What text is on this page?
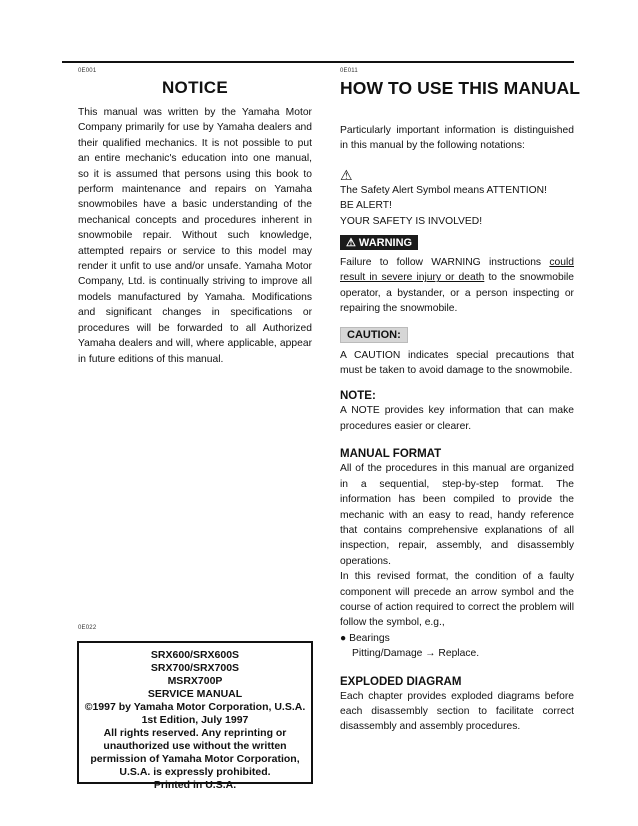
0E001	0E011
0E022
NOTICE

This manual was written by the Yamaha Motor Company primarily for use by Yamaha dealers and their qualified mechanics. It is not possible to put an entire mechanic's education into one manual, so it is assumed that persons using this book to perform maintenance and repairs on Yamaha snowmobiles have a basic understanding of the mechanical concepts and procedures inherent in snowmobile repair. Without such knowledge, attempted repairs or service to this model may render it unfit to use and/or unsafe. Yamaha Motor Company, Ltd. is continually striving to improve all models manufactured by Yamaha. Modifications and significant changes in specifications or procedures will be forwarded to all Authorized Yamaha dealers and will, where applicable, appear in future editions of this manual.

HOW TO USE THIS MANUAL

Particularly important information is distinguished in this manual by the following notations:

⚠

The Safety Alert Symbol means ATTENTION!

BE ALERT!

YOUR SAFETY IS INVOLVED!

⚠ WARNING

Failure to follow WARNING instructions could result in severe injury or death to the snowmobile operator, a bystander, or a person inspecting or repairing the snowmobile.

CAUTION:

A CAUTION indicates special precautions that must be taken to avoid damage to the snowmobile.

NOTE:

A NOTE provides key information that can make procedures easier or clearer.

MANUAL FORMAT

All of the procedures in this manual are organized in a sequential, step-by-step format. The information has been compiled to provide the mechanic with an easy to read, handy reference that contains comprehensive explanations of all inspection, repair, assembly, and disassembly operations.

In this revised format, the condition of a faulty component will precede an arrow symbol and the course of action required to correct the problem will follow the symbol, e.g.,

● Bearings

Pitting/Damage → Replace.

EXPLODED DIAGRAM

Each chapter provides exploded diagrams before each disassembly section to facilitate correct disassembly and assembly procedures.

SRX600/SRX600S
SRX700/SRX700S
MSRX700P
SERVICE MANUAL
©1997 by Yamaha Motor Corporation, U.S.A.
1st Edition, July 1997
All rights reserved. Any reprinting or
unauthorized use without the written
permission of Yamaha Motor Corporation,
U.S.A. is expressly prohibited.
Printed in U.S.A.
